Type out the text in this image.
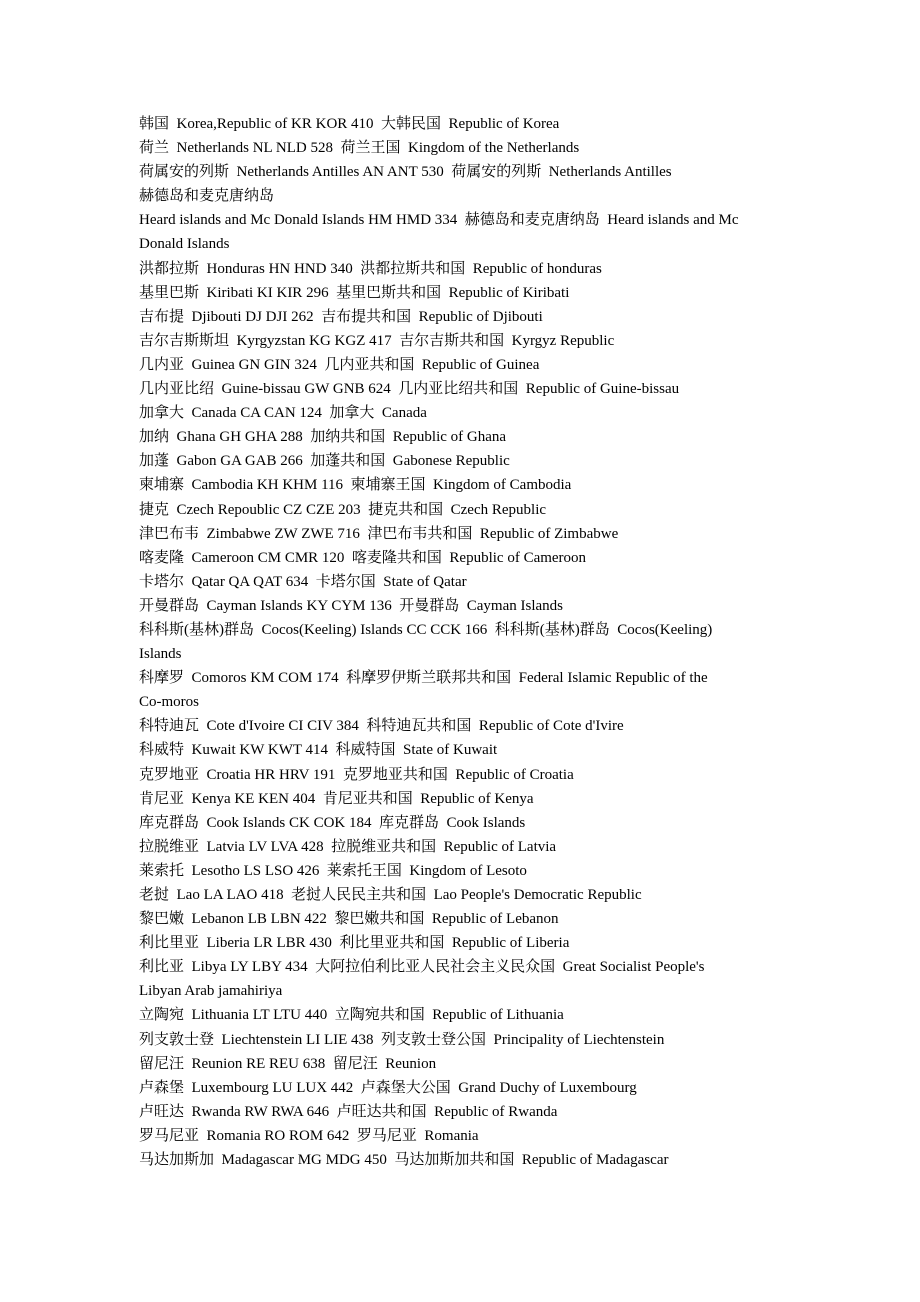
韩国  Korea,Republic of KR KOR 410  大韩民国  Republic of Korea
荷兰  Netherlands NL NLD 528  荷兰王国  Kingdom of the Netherlands
荷属安的列斯  Netherlands Antilles AN ANT 530  荷属安的列斯  Netherlands Antilles
赫德岛和麦克唐纳岛
Heard islands and Mc Donald Islands HM HMD 334  赫德岛和麦克唐纳岛  Heard islands and Mc
Donald Islands
洪都拉斯  Honduras HN HND 340  洪都拉斯共和国  Republic of honduras
基里巴斯  Kiribati KI KIR 296  基里巴斯共和国  Republic of Kiribati
吉布提  Djibouti DJ DJI 262  吉布提共和国  Republic of Djibouti
吉尔吉斯斯坦  Kyrgyzstan KG KGZ 417  吉尔吉斯共和国  Kyrgyz Republic
几内亚  Guinea GN GIN 324  几内亚共和国  Republic of Guinea
几内亚比绍  Guine-bissau GW GNB 624  几内亚比绍共和国  Republic of Guine-bissau
加拿大  Canada CA CAN 124  加拿大  Canada
加纳  Ghana GH GHA 288  加纳共和国  Republic of Ghana
加蓬  Gabon GA GAB 266  加蓬共和国  Gabonese Republic
柬埔寨  Cambodia KH KHM 116  柬埔寨王国  Kingdom of Cambodia
捷克  Czech Repoublic CZ CZE 203  捷克共和国  Czech Republic
津巴布韦  Zimbabwe ZW ZWE 716  津巴布韦共和国  Republic of Zimbabwe
喀麦隆  Cameroon CM CMR 120  喀麦隆共和国  Republic of Cameroon
卡塔尔  Qatar QA QAT 634  卡塔尔国  State of Qatar
开曼群岛  Cayman Islands KY CYM 136  开曼群岛  Cayman Islands
科科斯(基林)群岛  Cocos(Keeling) Islands CC CCK 166  科科斯(基林)群岛  Cocos(Keeling)
Islands
科摩罗  Comoros KM COM 174  科摩罗伊斯兰联邦共和国  Federal Islamic Republic of the
Co-moros
科特迪瓦  Cote d'Ivoire CI CIV 384  科特迪瓦共和国  Republic of Cote d'Ivire
科威特  Kuwait KW KWT 414  科威特国  State of Kuwait
克罗地亚  Croatia HR HRV 191  克罗地亚共和国  Republic of Croatia
肯尼亚  Kenya KE KEN 404  肯尼亚共和国  Republic of Kenya
库克群岛  Cook Islands CK COK 184  库克群岛  Cook Islands
拉脱维亚  Latvia LV LVA 428  拉脱维亚共和国  Republic of Latvia
莱索托  Lesotho LS LSO 426  莱索托王国  Kingdom of Lesoto
老挝  Lao LA LAO 418  老挝人民民主共和国  Lao People's Democratic Republic
黎巴嫩  Lebanon LB LBN 422  黎巴嫩共和国  Republic of Lebanon
利比里亚  Liberia LR LBR 430  利比里亚共和国  Republic of Liberia
利比亚  Libya LY LBY 434  大阿拉伯利比亚人民社会主义民众国  Great Socialist People's
Libyan Arab jamahiriya
立陶宛  Lithuania LT LTU 440  立陶宛共和国  Republic of Lithuania
列支敦士登  Liechtenstein LI LIE 438  列支敦士登公国  Principality of Liechtenstein
留尼汪  Reunion RE REU 638  留尼汪  Reunion
卢森堡  Luxembourg LU LUX 442  卢森堡大公国  Grand Duchy of Luxembourg
卢旺达  Rwanda RW RWA 646  卢旺达共和国  Republic of Rwanda
罗马尼亚  Romania RO ROM 642  罗马尼亚  Romania
马达加斯加  Madagascar MG MDG 450  马达加斯加共和国  Republic of Madagascar
